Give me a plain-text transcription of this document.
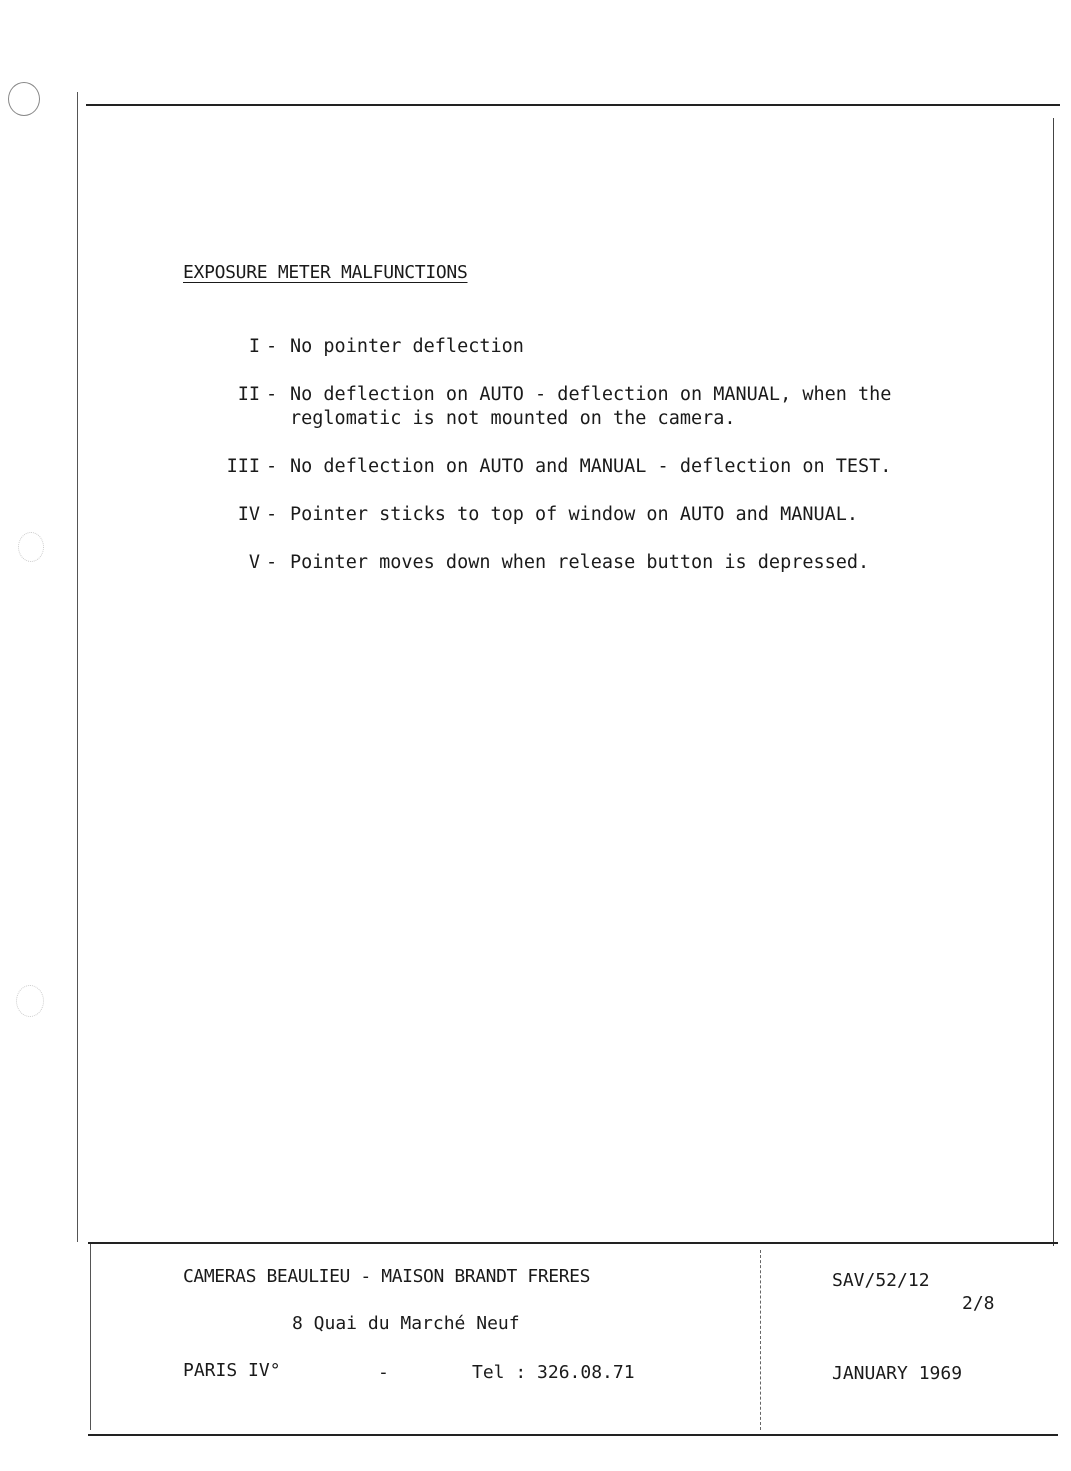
EXPOSURE METER MALFUNCTIONS
I - No pointer deflection
II - No deflection on AUTO - deflection on MANUAL, when the
reglomatic is not mounted on the camera.
III - No deflection on AUTO and MANUAL - deflection on TEST.
IV - Pointer sticks to top of window on AUTO and MANUAL.
V - Pointer moves down when release button is depressed.
CAMERAS BEAULIEU - MAISON BRANDT FRERES
8 Quai du Marché Neuf
PARIS IV°	-	Tel : 326.08.71
SAV/52/12
2/8
JANUARY 1969
